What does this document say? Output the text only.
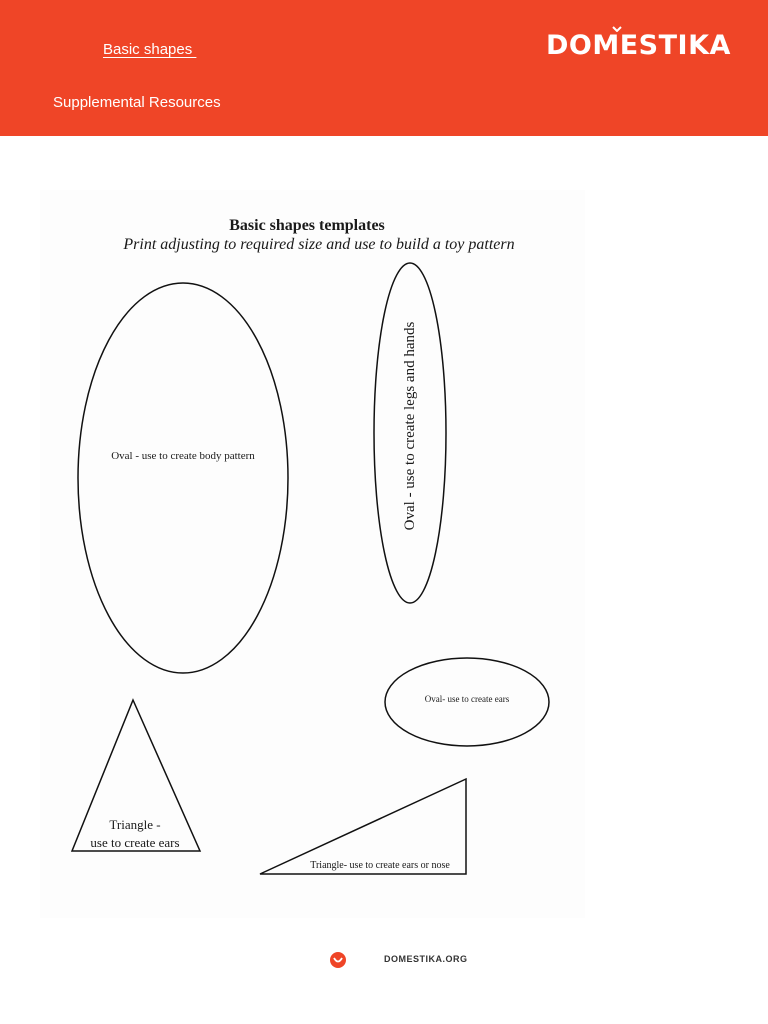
Basic shapes
Supplemental Resources
DOMESTIKA
Basic shapes templates
Print adjusting to required size and use to build a toy pattern
Oval - use to create body pattern	Oval - use to create legs and hands
Oval- use to create ears
Triangle -
use to create ears
Triangle- use to create ears or nose
DOMESTIKA.ORG
